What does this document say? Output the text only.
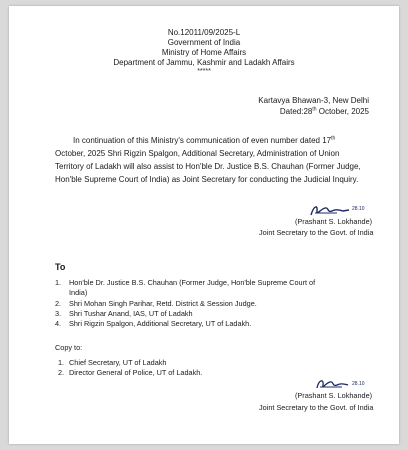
No.12011/09/2025-L
Government of India
Ministry of Home Affairs
Department of Jammu, Kashmir and Ladakh Affairs
*****
Kartavya Bhawan-3, New Delhi
Dated:28th October, 2025
In continuation of this Ministry's communication of even number dated 17th
October, 2025 Shri Rigzin Spalgon, Additional Secretary, Administration of Union
Territory of Ladakh will also assist to Hon'ble Dr. Justice B.S. Chauhan (Former Judge,
Hon'ble Supreme Court of India) as Joint Secretary for conducting the Judicial Inquiry.
28.10
(Prashant S. Lokhande)
Joint Secretary to the Govt. of India
To
1. Hon'ble Dr. Justice B.S. Chauhan (Former Judge, Hon'ble Supreme Court of
India)
2. Shri Mohan Singh Parihar, Retd. District & Session Judge.
3. Shri Tushar Anand, IAS, UT of Ladakh
4. Shri Rigzin Spalgon, Additional Secretary, UT of Ladakh.
Copy to:
1. Chief Secretary, UT of Ladakh
2. Director General of Police, UT of Ladakh.
28.10
(Prashant S. Lokhande)
Joint Secretary to the Govt. of India
